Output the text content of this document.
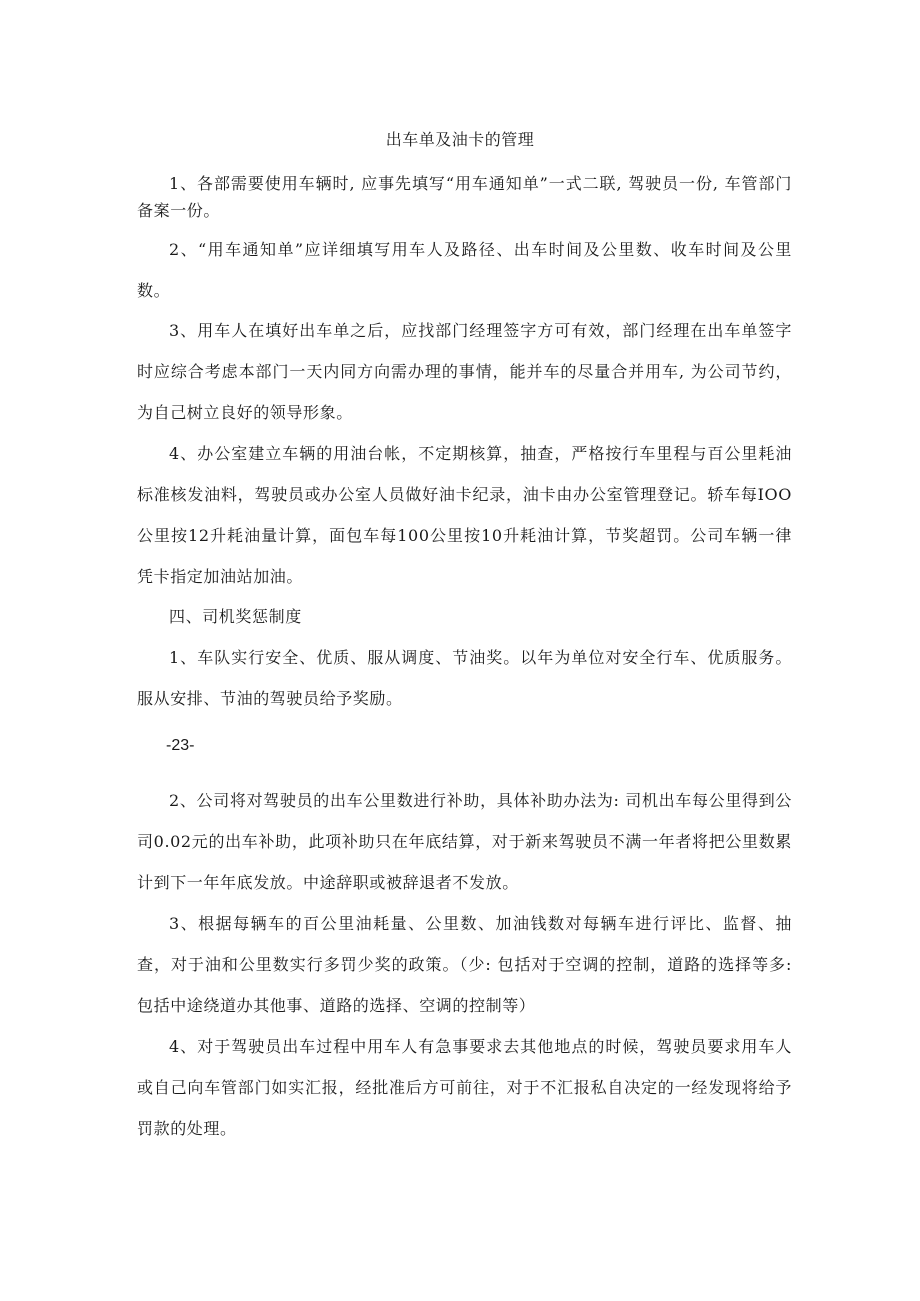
出车单及油卡的管理

1、各部需要使用车辆时, 应事先填写“用车通知单”一式二联, 驾驶员一份, 车管部门备案一份。

2、“用车通知单”应详细填写用车人及路径、出车时间及公里数、收车时间及公里数。

3、用车人在填好出车单之后，应找部门经理签字方可有效，部门经理在出车单签字时应综合考虑本部门一天内同方向需办理的事情，能并车的尽量合并用车, 为公司节约，为自己树立良好的领导形象。

4、办公室建立车辆的用油台帐，不定期核算，抽查，严格按行车里程与百公里耗油标准核发油料，驾驶员或办公室人员做好油卡纪录，油卡由办公室管理登记。轿车每IOO公里按12升耗油量计算，面包车每100公里按10升耗油计算，节奖超罚。公司车辆一律凭卡指定加油站加油。

四、司机奖惩制度

1、车队实行安全、优质、服从调度、节油奖。以年为单位对安全行车、优质服务。服从安排、节油的驾驶员给予奖励。

-23-

2、公司将对驾驶员的出车公里数进行补助，具体补助办法为: 司机出车每公里得到公司0.02元的出车补助，此项补助只在年底结算，对于新来驾驶员不满一年者将把公里数累计到下一年年底发放。中途辞职或被辞退者不发放。

3、根据每辆车的百公里油耗量、公里数、加油钱数对每辆车进行评比、监督、抽查，对于油和公里数实行多罚少奖的政策。（少: 包括对于空调的控制，道路的选择等多: 包括中途绕道办其他事、道路的选择、空调的控制等）

4、对于驾驶员出车过程中用车人有急事要求去其他地点的时候，驾驶员要求用车人或自己向车管部门如实汇报，经批准后方可前往，对于不汇报私自决定的一经发现将给予罚款的处理。
